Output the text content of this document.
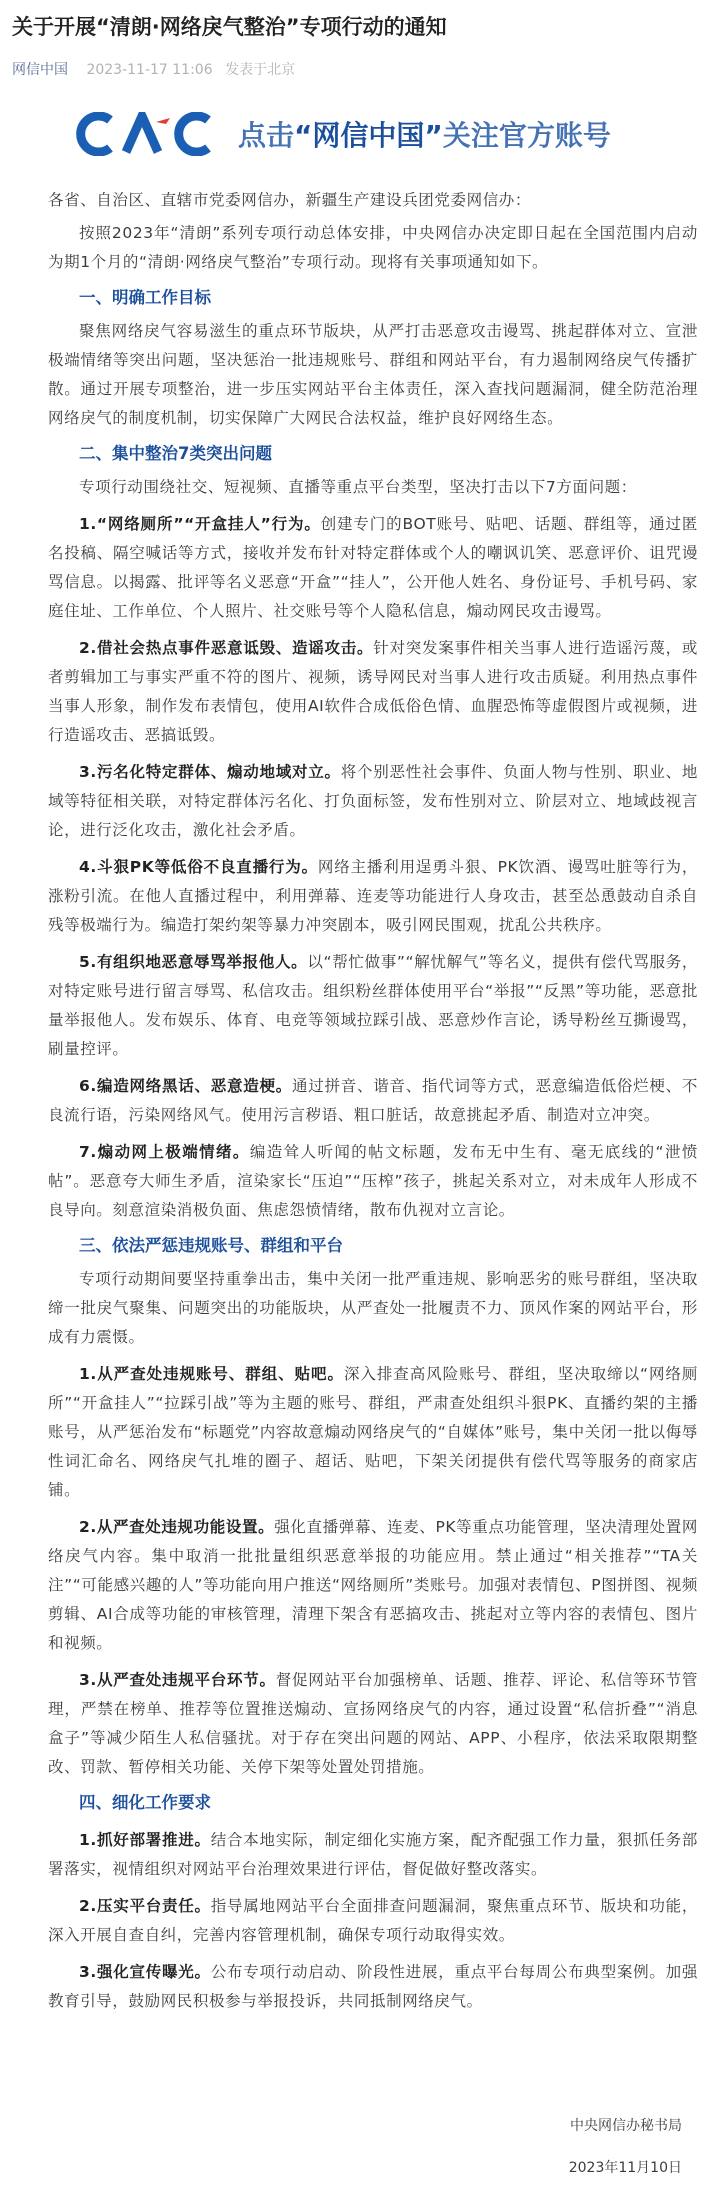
关于开展“清朗·网络戾气整治”专项行动的通知
网信中国 2023-11-17 11:06 发表于北京
CAC
点击“网信中国”关注官方账号

各省、自治区、直辖市党委网信办，新疆生产建设兵团党委网信办：

按照2023年“清朗”系列专项行动总体安排，中央网信办决定即日起在全国范围内启动为期1个月的“清朗·网络戾气整治”专项行动。现将有关事项通知如下。

一、明确工作目标

聚焦网络戾气容易滋生的重点环节版块，从严打击恶意攻击谩骂、挑起群体对立、宣泄极端情绪等突出问题，坚决惩治一批违规账号、群组和网站平台，有力遏制网络戾气传播扩散。通过开展专项整治，进一步压实网站平台主体责任，深入查找问题漏洞，健全防范治理网络戾气的制度机制，切实保障广大网民合法权益，维护良好网络生态。

二、集中整治7类突出问题

专项行动围绕社交、短视频、直播等重点平台类型，坚决打击以下7方面问题：

1.“网络厕所”“开盒挂人”行为。创建专门的BOT账号、贴吧、话题、群组等，通过匿名投稿、隔空喊话等方式，接收并发布针对特定群体或个人的嘲讽讥笑、恶意评价、诅咒谩骂信息。以揭露、批评等名义恶意“开盒”“挂人”，公开他人姓名、身份证号、手机号码、家庭住址、工作单位、个人照片、社交账号等个人隐私信息，煽动网民攻击谩骂。

2.借社会热点事件恶意诋毁、造谣攻击。针对突发案事件相关当事人进行造谣污蔑，或者剪辑加工与事实严重不符的图片、视频，诱导网民对当事人进行攻击质疑。利用热点事件当事人形象，制作发布表情包，使用AI软件合成低俗色情、血腥恐怖等虚假图片或视频，进行造谣攻击、恶搞诋毁。

3.污名化特定群体、煽动地域对立。将个别恶性社会事件、负面人物与性别、职业、地域等特征相关联，对特定群体污名化、打负面标签，发布性别对立、阶层对立、地域歧视言论，进行泛化攻击，激化社会矛盾。

4.斗狠PK等低俗不良直播行为。网络主播利用逞勇斗狠、PK饮酒、谩骂吐脏等行为，涨粉引流。在他人直播过程中，利用弹幕、连麦等功能进行人身攻击，甚至怂恿鼓动自杀自残等极端行为。编造打架约架等暴力冲突剧本，吸引网民围观，扰乱公共秩序。

5.有组织地恶意辱骂举报他人。以“帮忙做事”“解忧解气”等名义，提供有偿代骂服务，对特定账号进行留言辱骂、私信攻击。组织粉丝群体使用平台“举报”“反黑”等功能，恶意批量举报他人。发布娱乐、体育、电竞等领域拉踩引战、恶意炒作言论，诱导粉丝互撕谩骂，刷量控评。

6.编造网络黑话、恶意造梗。通过拼音、谐音、指代词等方式，恶意编造低俗烂梗、不良流行语，污染网络风气。使用污言秽语、粗口脏话，故意挑起矛盾、制造对立冲突。

7.煽动网上极端情绪。编造耸人听闻的帖文标题，发布无中生有、毫无底线的“泄愤帖”。恶意夸大师生矛盾，渲染家长“压迫”“压榨”孩子，挑起关系对立，对未成年人形成不良导向。刻意渲染消极负面、焦虑怨愤情绪，散布仇视对立言论。

三、依法严惩违规账号、群组和平台

专项行动期间要坚持重拳出击，集中关闭一批严重违规、影响恶劣的账号群组，坚决取缔一批戾气聚集、问题突出的功能版块，从严查处一批履责不力、顶风作案的网站平台，形成有力震慑。

1.从严查处违规账号、群组、贴吧。深入排查高风险账号、群组，坚决取缔以“网络厕所”“开盒挂人”“拉踩引战”等为主题的账号、群组，严肃查处组织斗狠PK、直播约架的主播账号，从严惩治发布“标题党”内容故意煽动网络戾气的“自媒体”账号，集中关闭一批以侮辱性词汇命名、网络戾气扎堆的圈子、超话、贴吧，下架关闭提供有偿代骂等服务的商家店铺。

2.从严查处违规功能设置。强化直播弹幕、连麦、PK等重点功能管理，坚决清理处置网络戾气内容。集中取消一批批量组织恶意举报的功能应用。禁止通过“相关推荐”“TA关注”“可能感兴趣的人”等功能向用户推送“网络厕所”类账号。加强对表情包、P图拼图、视频剪辑、AI合成等功能的审核管理，清理下架含有恶搞攻击、挑起对立等内容的表情包、图片和视频。

3.从严查处违规平台环节。督促网站平台加强榜单、话题、推荐、评论、私信等环节管理，严禁在榜单、推荐等位置推送煽动、宣扬网络戾气的内容，通过设置“私信折叠”“消息盒子”等减少陌生人私信骚扰。对于存在突出问题的网站、APP、小程序，依法采取限期整改、罚款、暂停相关功能、关停下架等处置处罚措施。

四、细化工作要求

1.抓好部署推进。结合本地实际，制定细化实施方案，配齐配强工作力量，狠抓任务部署落实，视情组织对网站平台治理效果进行评估，督促做好整改落实。

2.压实平台责任。指导属地网站平台全面排查问题漏洞，聚焦重点环节、版块和功能，深入开展自查自纠，完善内容管理机制，确保专项行动取得实效。

3.强化宣传曝光。公布专项行动启动、阶段性进展，重点平台每周公布典型案例。加强教育引导，鼓励网民积极参与举报投诉，共同抵制网络戾气。

中央网信办秘书局
2023年11月10日
